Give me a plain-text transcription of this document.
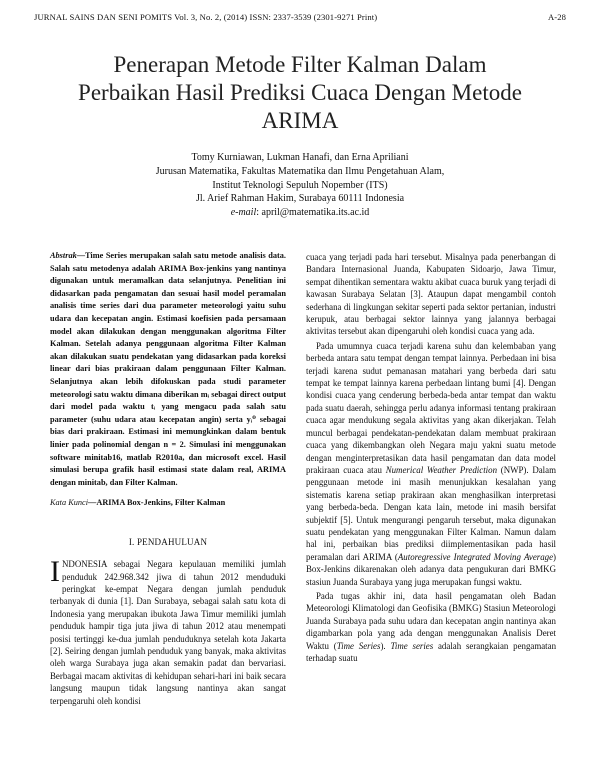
JURNAL SAINS DAN SENI POMITS Vol. 3, No. 2, (2014) ISSN: 2337-3539 (2301-9271 Print)	A-28
Penerapan Metode Filter Kalman Dalam
Perbaikan Hasil Prediksi Cuaca Dengan Metode
ARIMA
Tomy Kurniawan, Lukman Hanafi, dan Erna Apriliani
Jurusan Matematika, Fakultas Matematika dan Ilmu Pengetahuan Alam,
Institut Teknologi Sepuluh Nopember (ITS)
Jl. Arief Rahman Hakim, Surabaya 60111 Indonesia
e-mail: april@matematika.its.ac.id
Abstrak—Time Series merupakan salah satu metode analisis data. Salah satu metodenya adalah ARIMA Box-jenkins yang nantinya digunakan untuk meramalkan data selanjutnya. Penelitian ini didasarkan pada pengamatan dan sesuai hasil model peramalan analisis time series dari dua parameter meteorologi yaitu suhu udara dan kecepatan angin. Estimasi koefisien pada persamaan model akan dilakukan dengan menggunakan algoritma Filter Kalman. Setelah adanya penggunaan algoritma Filter Kalman akan dilakukan suatu pendekatan yang didasarkan pada koreksi linear dari bias prakiraan dalam penggunaan Filter Kalman. Selanjutnya akan lebih difokuskan pada studi parameter meteorologi satu waktu dimana diberikan mᵢ sebagai direct output dari model pada waktu tᵢ yang mengacu pada salah satu parameter (suhu udara atau kecepatan angin) serta yᵢ⁰ sebagai bias dari prakiraan. Estimasi ini memungkinkan dalam bentuk linier pada polinomial dengan n = 2. Simulasi ini menggunakan software minitab16, matlab R2010a, dan microsoft excel. Hasil simulasi berupa grafik hasil estimasi state dalam real, ARIMA dengan minitab, dan Filter Kalman.
Kata Kunci—ARIMA Box-Jenkins, Filter Kalman
I. PENDAHULUAN
INDONESIA sebagai Negara kepulauan memiliki jumlah penduduk 242.968.342 jiwa di tahun 2012 menduduki peringkat ke-empat Negara dengan jumlah penduduk terbanyak di dunia [1]. Dan Surabaya, sebagai salah satu kota di Indonesia yang merupakan ibukota Jawa Timur memiliki jumlah penduduk hampir tiga juta jiwa di tahun 2012 atau menempati posisi tertinggi ke-dua jumlah penduduknya setelah kota Jakarta [2]. Seiring dengan jumlah penduduk yang banyak, maka aktivitas oleh warga Surabaya juga akan semakin padat dan bervariasi. Berbagai macam aktivitas di kehidupan sehari-hari ini baik secara langsung maupun tidak langsung nantinya akan sangat terpengaruhi oleh kondisi
cuaca yang terjadi pada hari tersebut. Misalnya pada penerbangan di Bandara Internasional Juanda, Kabupaten Sidoarjo, Jawa Timur, sempat dihentikan sementara waktu akibat cuaca buruk yang terjadi di kawasan Surabaya Selatan [3]. Ataupun dapat mengambil contoh sederhana di lingkungan sekitar seperti pada sektor pertanian, industri kerupuk, atau berbagai sektor lainnya yang jalannya berbagai aktivitas tersebut akan dipengaruhi oleh kondisi cuaca yang ada.
Pada umumnya cuaca terjadi karena suhu dan kelembaban yang berbeda antara satu tempat dengan tempat lainnya. Perbedaan ini bisa terjadi karena sudut pemanasan matahari yang berbeda dari satu tempat ke tempat lainnya karena perbedaan lintang bumi [4]. Dengan kondisi cuaca yang cenderung berbeda-beda antar tempat dan waktu pada suatu daerah, sehingga perlu adanya informasi tentang prakiraan cuaca agar mendukung segala aktivitas yang akan dikerjakan. Telah muncul berbagai pendekatan-pendekatan dalam membuat prakiraan cuaca yang dikembangkan oleh Negara maju yakni suatu metode dengan menginterpretasikan data hasil pengamatan dan data model prakiraan cuaca atau Numerical Weather Prediction (NWP). Dalam penggunaan metode ini masih menunjukkan kesalahan yang sistematis karena setiap prakiraan akan menghasilkan interpretasi yang berbeda-beda. Dengan kata lain, metode ini masih bersifat subjektif [5]. Untuk mengurangi pengaruh tersebut, maka digunakan suatu pendekatan yang menggunakan Filter Kalman. Namun dalam hal ini, perbaikan bias prediksi diimplementasikan pada hasil peramalan dari ARIMA (Autoregressive Integrated Moving Average) Box-Jenkins dikarenakan oleh adanya data pengukuran dari BMKG stasiun Juanda Surabaya yang juga merupakan fungsi waktu.
Pada tugas akhir ini, data hasil pengamatan oleh Badan Meteorologi Klimatologi dan Geofisika (BMKG) Stasiun Meteorologi Juanda Surabaya pada suhu udara dan kecepatan angin nantinya akan digambarkan pola yang ada dengan menggunakan Analisis Deret Waktu (Time Series). Time series adalah serangkaian pengamatan terhadap suatu
